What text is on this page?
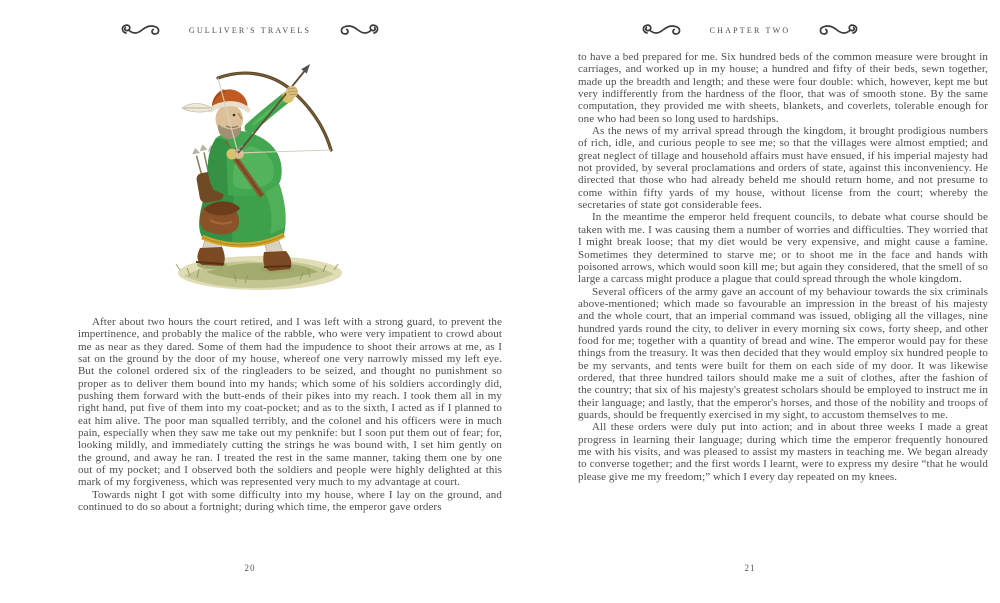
GULLIVER'S TRAVELS

After about two hours the court retired, and I was left with a strong guard, to prevent the impertinence, and probably the malice of the rabble, who were very impatient to crowd about me as near as they dared. Some of them had the impudence to shoot their arrows at me, as I sat on the ground by the door of my house, whereof one very narrowly missed my left eye. But the colonel ordered six of the ringleaders to be seized, and thought no punishment so proper as to deliver them bound into my hands; which some of his soldiers accordingly did, pushing them forward with the butt-ends of their pikes into my reach. I took them all in my right hand, put five of them into my coat-pocket; and as to the sixth, I acted as if I planned to eat him alive. The poor man squalled terribly, and the colonel and his officers were in much pain, especially when they saw me take out my penknife: but I soon put them out of fear; for, looking mildly, and immediately cutting the strings he was bound with, I set him gently on the ground, and away he ran. I treated the rest in the same manner, taking them one by one out of my pocket; and I observed both the soldiers and people were highly delighted at this mark of my forgiveness, which was represented very much to my advantage at court.

Towards night I got with some difficulty into my house, where I lay on the ground, and continued to do so about a fortnight; during which time, the emperor gave orders

20
CHAPTER TWO

to have a bed prepared for me. Six hundred beds of the common measure were brought in carriages, and worked up in my house; a hundred and fifty of their beds, sewn together, made up the breadth and length; and these were four double: which, however, kept me but very indifferently from the hardness of the floor, that was of smooth stone. By the same computation, they provided me with sheets, blankets, and coverlets, tolerable enough for one who had been so long used to hardships.

As the news of my arrival spread through the kingdom, it brought prodigious numbers of rich, idle, and curious people to see me; so that the villages were almost emptied; and great neglect of tillage and household affairs must have ensued, if his imperial majesty had not provided, by several proclamations and orders of state, against this inconveniency. He directed that those who had already beheld me should return home, and not presume to come within fifty yards of my house, without license from the court; whereby the secretaries of state got considerable fees.

In the meantime the emperor held frequent councils, to debate what course should be taken with me. I was causing them a number of worries and difficulties. They worried that I might break loose; that my diet would be very expensive, and might cause a famine. Sometimes they determined to starve me; or to shoot me in the face and hands with poisoned arrows, which would soon kill me; but again they considered, that the smell of so large a carcass might produce a plague that could spread through the whole kingdom.

Several officers of the army gave an account of my behaviour towards the six criminals above-mentioned; which made so favourable an impression in the breast of his majesty and the whole court, that an imperial command was issued, obliging all the villages, nine hundred yards round the city, to deliver in every morning six cows, forty sheep, and other food for me; together with a quantity of bread and wine. The emperor would pay for these things from the treasury. It was then decided that they would employ six hundred people to be my servants, and tents were built for them on each side of my door. It was likewise ordered, that three hundred tailors should make me a suit of clothes, after the fashion of the country; that six of his majesty's greatest scholars should be employed to instruct me in their language; and lastly, that the emperor's horses, and those of the nobility and troops of guards, should be frequently exercised in my sight, to accustom themselves to me.

All these orders were duly put into action; and in about three weeks I made a great progress in learning their language; during which time the emperor frequently honoured me with his visits, and was pleased to assist my masters in teaching me. We began already to converse together; and the first words I learnt, were to express my desire “that he would please give me my freedom;” which I every day repeated on my knees.

21
